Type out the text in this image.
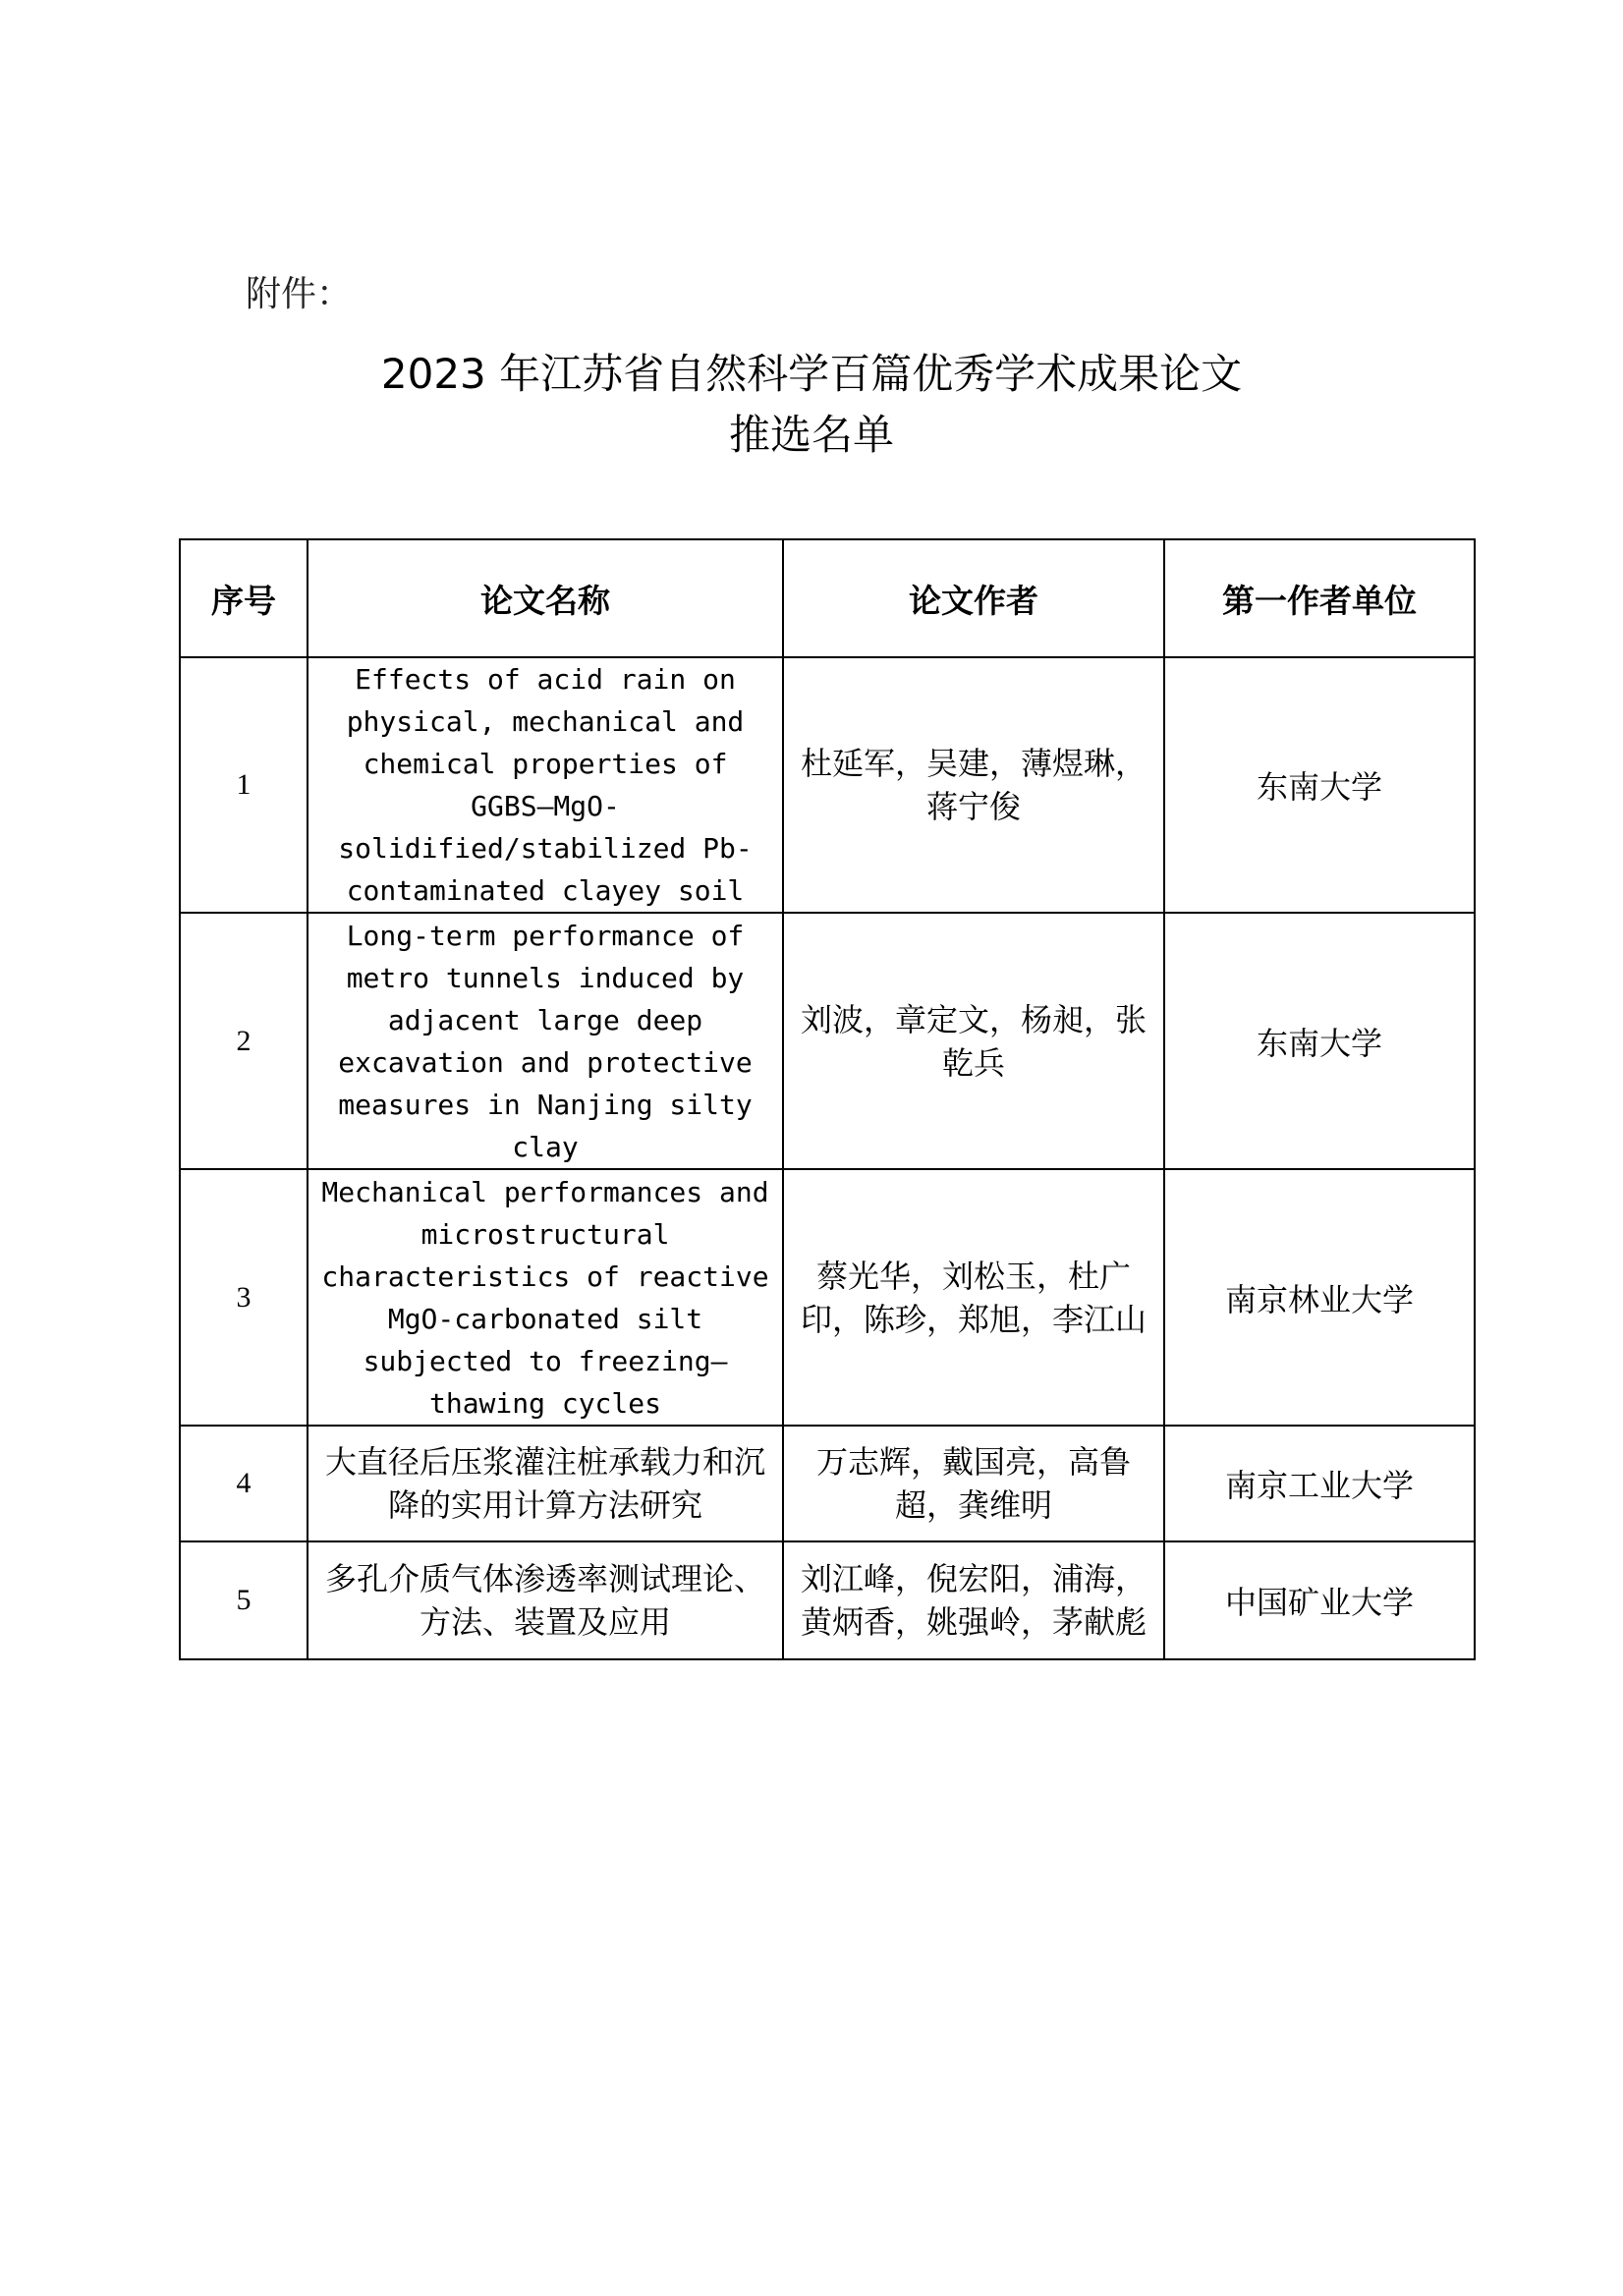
附件：
2023 年江苏省自然科学百篇优秀学术成果论文
推选名单
序号	论文名称	论文作者	第一作者单位
1	Effects of acid rain on physical, mechanical and chemical properties of GGBS–MgO-solidified/stabilized Pb-contaminated clayey soil	杜延军，吴建，薄煜琳，蒋宁俊	东南大学
2	Long-term performance of metro tunnels induced by adjacent large deep excavation and protective measures in Nanjing silty clay	刘波，章定文，杨昶，张乾兵	东南大学
3	Mechanical performances and microstructural characteristics of reactive MgO-carbonated silt subjected to freezing–thawing cycles	蔡光华，刘松玉，杜广印，陈珍，郑旭，李江山	南京林业大学
4	大直径后压浆灌注桩承载力和沉降的实用计算方法研究	万志辉，戴国亮，高鲁超，龚维明	南京工业大学
5	多孔介质气体渗透率测试理论、方法、装置及应用	刘江峰，倪宏阳，浦海，黄炳香，姚强岭，茅献彪	中国矿业大学
